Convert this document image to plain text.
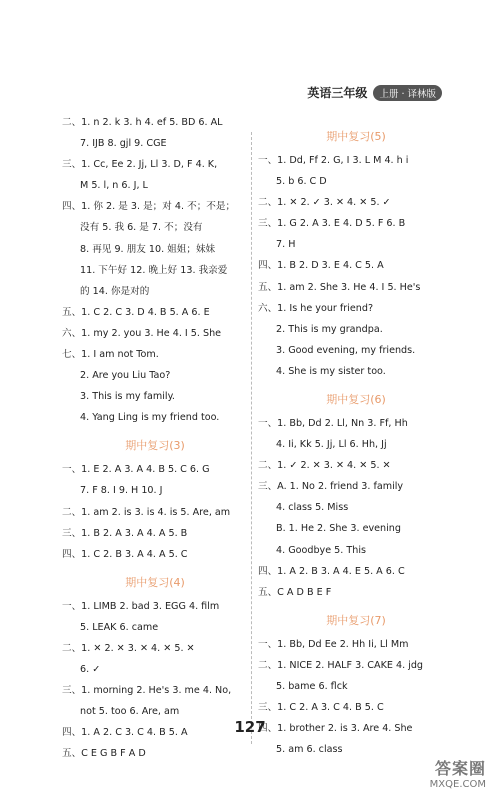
英语三年级	上册 · 译林版
二、1. n 2. k 3. h 4. ef 5. BD 6. AL
7. IJB 8. gjl 9. CGE
三、1. Cc, Ee 2. Jj, Ll 3. D, F 4. K,
M 5. l, n 6. J, L
四、1. 你 2. 是 3. 是；对 4. 不；不是；
没有 5. 我 6. 是 7. 不；没有
8. 再见 9. 朋友 10. 姐姐；妹妹
11. 下午好 12. 晚上好 13. 我亲爱
的 14. 你是对的
五、1. C 2. C 3. D 4. B 5. A 6. E
六、1. my 2. you 3. He 4. I 5. She
七、1. I am not Tom.
2. Are you Liu Tao?
3. This is my family.
4. Yang Ling is my friend too.
期中复习(3)
一、1. E 2. A 3. A 4. B 5. C 6. G
7. F 8. I 9. H 10. J
二、1. am 2. is 3. is 4. is 5. Are, am
三、1. B 2. A 3. A 4. A 5. B
四、1. C 2. B 3. A 4. A 5. C
期中复习(4)
一、1. LIMB 2. bad 3. EGG 4. film
5. LEAK 6. came
二、1. ✕ 2. ✕ 3. ✕ 4. ✕ 5. ✕
6. ✓
三、1. morning 2. He's 3. me 4. No,
not 5. too 6. Are, am
四、1. A 2. C 3. C 4. B 5. A
五、C E G B F A D
期中复习(5)
一、1. Dd, Ff 2. G, I 3. L M 4. h i
5. b 6. C D
二、1. ✕ 2. ✓ 3. ✕ 4. ✕ 5. ✓
三、1. G 2. A 3. E 4. D 5. F 6. B
7. H
四、1. B 2. D 3. E 4. C 5. A
五、1. am 2. She 3. He 4. I 5. He's
六、1. Is he your friend?
2. This is my grandpa.
3. Good evening, my friends.
4. She is my sister too.
期中复习(6)
一、1. Bb, Dd 2. Ll, Nn 3. Ff, Hh
4. Ii, Kk 5. Jj, Ll 6. Hh, Jj
二、1. ✓ 2. ✕ 3. ✕ 4. ✕ 5. ✕
三、A. 1. No 2. friend 3. family
4. class 5. Miss
B. 1. He 2. She 3. evening
4. Goodbye 5. This
四、1. A 2. B 3. A 4. E 5. A 6. C
五、C A D B E F
期中复习(7)
一、1. Bb, Dd Ee 2. Hh Ii, Ll Mm
二、1. NICE 2. HALF 3. CAKE 4. jdg
5. bame 6. flck
三、1. C 2. A 3. C 4. B 5. C
四、1. brother 2. is 3. Are 4. She
5. am 6. class
127
答案圈
MXQE.COM
